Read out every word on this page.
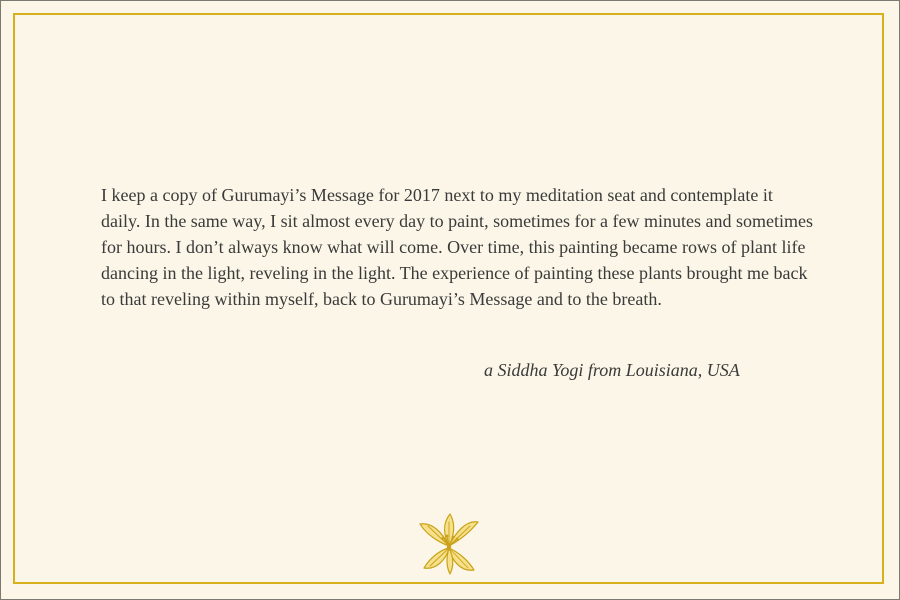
I keep a copy of Gurumayi’s Message for 2017 next to my meditation seat and contemplate it daily. In the same way, I sit almost every day to paint, sometimes for a few minutes and sometimes for hours. I don’t always know what will come. Over time, this painting became rows of plant life dancing in the light, reveling in the light. The experience of painting these plants brought me back to that reveling within myself, back to Gurumayi’s Message and to the breath.

a Siddha Yogi from Louisiana, USA
